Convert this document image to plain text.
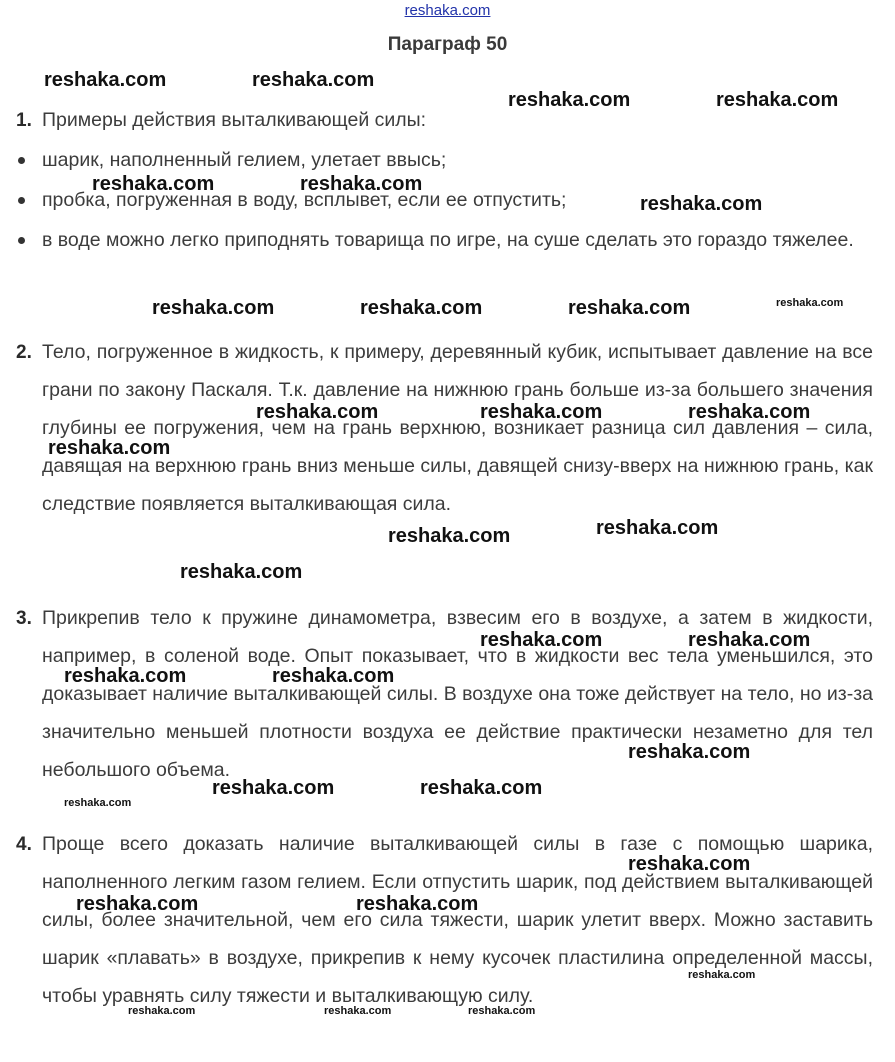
reshaka.com
Параграф 50
1. Примеры действия выталкивающей силы:
шарик, наполненный гелием, улетает ввысь;
пробка, погруженная в воду, всплывет, если ее отпустить;
в воде можно легко приподнять товарища по игре, на суше сделать это гораздо тяжелее.
2. Тело, погруженное в жидкость, к примеру, деревянный кубик, испытывает давление на все грани по закону Паскаля. Т.к. давление на нижнюю грань больше из-за большего значения глубины ее погружения, чем на грань верхнюю, возникает разница сил давления – сила, давящая на верхнюю грань вниз меньше силы, давящей снизу-вверх на нижнюю грань, как следствие появляется выталкивающая сила.
3. Прикрепив тело к пружине динамометра, взвесим его в воздухе, а затем в жидкости, например, в соленой воде. Опыт показывает, что в жидкости вес тела уменьшился, это доказывает наличие выталкивающей силы. В воздухе она тоже действует на тело, но из-за значительно меньшей плотности воздуха ее действие практически незаметно для тел небольшого объема.
4. Проще всего доказать наличие выталкивающей силы в газе с помощью шарика, наполненного легким газом гелием. Если отпустить шарик, под действием выталкивающей силы, более значительной, чем его сила тяжести, шарик улетит вверх. Можно заставить шарик «плавать» в воздухе, прикрепив к нему кусочек пластилина определенной массы, чтобы уравнять силу тяжести и выталкивающую силу.
reshaka.com	reshaka.com
reshaka.com	reshaka.com
reshaka.com	reshaka.com
reshaka.com
reshaka.com	reshaka.com	reshaka.com
reshaka.com	reshaka.com	reshaka.com
reshaka.com
reshaka.com
reshaka.com
reshaka.com
reshaka.com	reshaka.com
reshaka.com	reshaka.com
reshaka.com
reshaka.com	reshaka.com
reshaka.com
reshaka.com	reshaka.com
reshaka.com
reshaka.com
reshaka.com
reshaka.com	reshaka.com	reshaka.com
